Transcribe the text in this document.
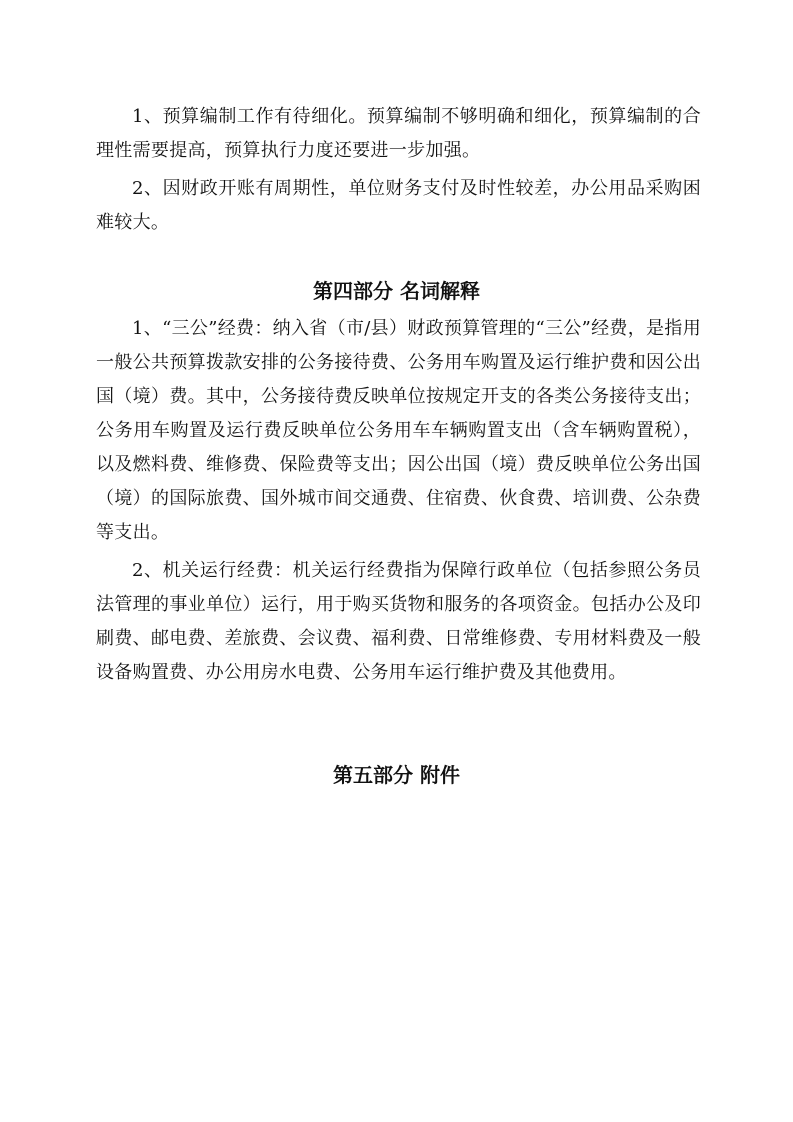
1、预算编制工作有待细化。预算编制不够明确和细化，预算编制的合理性需要提高，预算执行力度还要进一步加强。

2、因财政开账有周期性，单位财务支付及时性较差，办公用品采购困难较大。

第四部分 名词解释

1、“三公”经费：纳入省（市/县）财政预算管理的“三公”经费，是指用一般公共预算拨款安排的公务接待费、公务用车购置及运行维护费和因公出国（境）费。其中，公务接待费反映单位按规定开支的各类公务接待支出；公务用车购置及运行费反映单位公务用车车辆购置支出（含车辆购置税），以及燃料费、维修费、保险费等支出；因公出国（境）费反映单位公务出国（境）的国际旅费、国外城市间交通费、住宿费、伙食费、培训费、公杂费等支出。

2、机关运行经费：机关运行经费指为保障行政单位（包括参照公务员法管理的事业单位）运行，用于购买货物和服务的各项资金。包括办公及印刷费、邮电费、差旅费、会议费、福利费、日常维修费、专用材料费及一般设备购置费、办公用房水电费、公务用车运行维护费及其他费用。

第五部分 附件
